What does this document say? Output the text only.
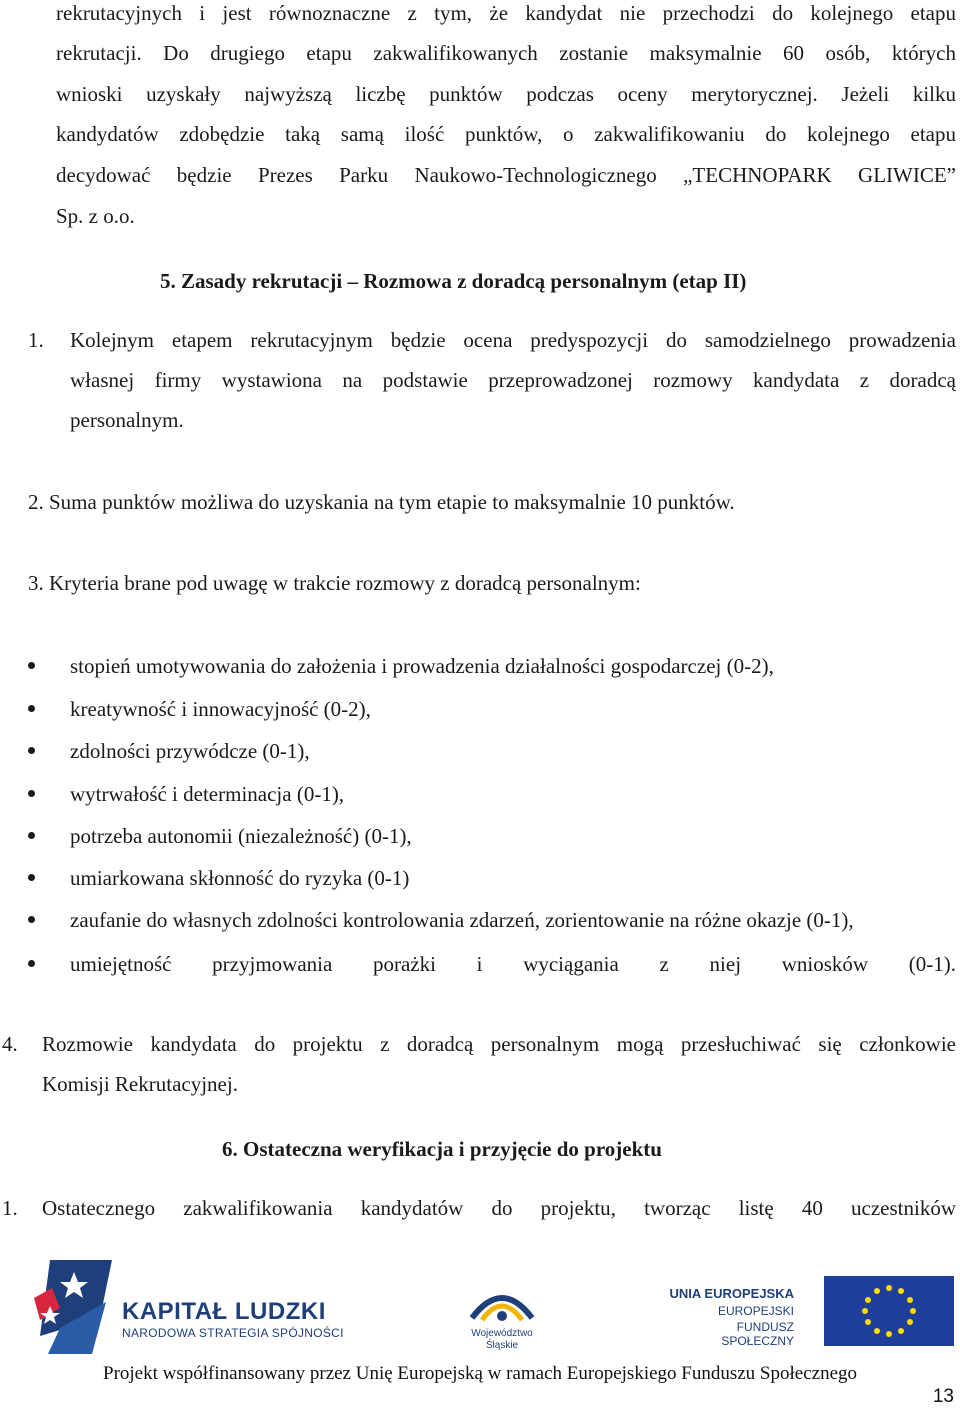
rekrutacyjnych i jest równoznaczne z tym, że kandydat nie przechodzi do kolejnego etapu
rekrutacji. Do drugiego etapu zakwalifikowanych zostanie maksymalnie 60 osób, których
wnioski uzyskały najwyższą liczbę punktów podczas oceny merytorycznej. Jeżeli kilku
kandydatów zdobędzie taką samą ilość punktów, o zakwalifikowaniu do kolejnego etapu
decydować będzie Prezes Parku Naukowo-Technologicznego „TECHNOPARK GLIWICE”
Sp. z o.o.
5. Zasady rekrutacji – Rozmowa z doradcą personalnym (etap II)
1. Kolejnym etapem rekrutacyjnym będzie ocena predyspozycji do samodzielnego prowadzenia
własnej firmy wystawiona na podstawie przeprowadzonej rozmowy kandydata z doradcą
personalnym.
2. Suma punktów możliwa do uzyskania na tym etapie to maksymalnie 10 punktów.
3. Kryteria brane pod uwagę w trakcie rozmowy z doradcą personalnym:
stopień umotywowania do założenia i prowadzenia działalności gospodarczej (0-2),
kreatywność i innowacyjność (0-2),
zdolności przywódcze (0-1),
wytrwałość i determinacja (0-1),
potrzeba autonomii (niezależność) (0-1),
umiarkowana skłonność do ryzyka (0-1)
zaufanie do własnych zdolności kontrolowania zdarzeń, zorientowanie na różne okazje (0-1),
umiejętność przyjmowania porażki i wyciągania z niej wniosków (0-1).
4. Rozmowie kandydata do projektu z doradcą personalnym mogą przesłuchiwać się członkowie
Komisji Rekrutacyjnej.
6. Ostateczna weryfikacja i przyjęcie do projektu
1. Ostatecznego zakwalifikowania kandydatów do projektu, tworząc listę 40 uczestników
KAPITAŁ LUDZKI
NARODOWA STRATEGIA SPÓJNOŚCI	Województwo
Śląskie
UNIA EUROPEJSKA
EUROPEJSKI
FUNDUSZ SPOŁECZNY
Projekt współfinansowany przez Unię Europejską w ramach Europejskiego Funduszu Społecznego
13
